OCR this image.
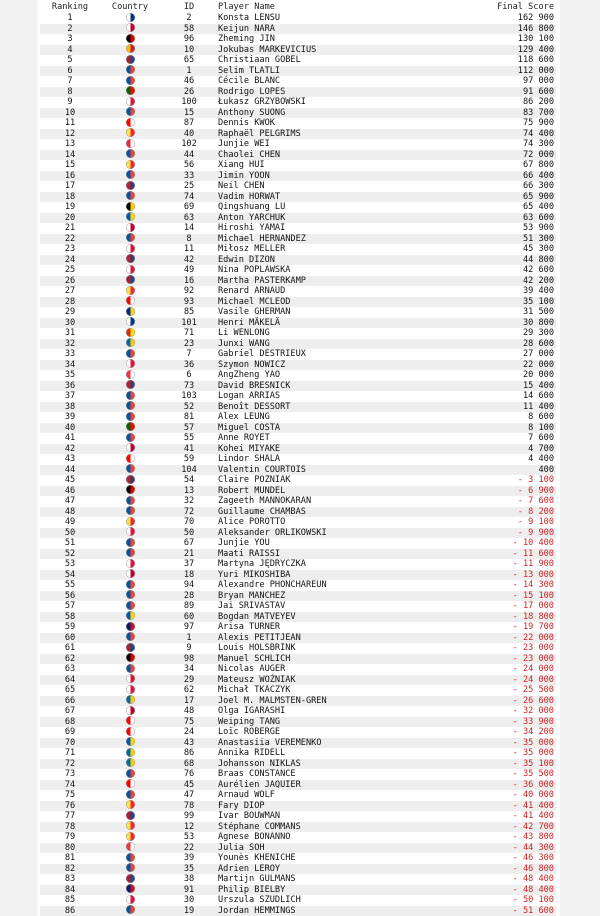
Ranking	Country	ID	Player Name	Final Score
1	2	Konsta LENSU	162 900
2	58	Keijun NARA	146 800
3	96	Zheming JIN	130 100
4	10	Jokubas MARKEVICIUS	129 400
5	65	Christiaan GOBEL	118 600
6	1	Selim TLATLI	112 000
7	46	Cécile BLANC	97 000
8	26	Rodrigo LOPES	91 600
9	100	Łukasz GRZYBOWSKI	86 200
10	15	Anthony SUONG	83 700
11	87	Dennis KWOK	75 900
12	40	Raphaël PELGRIMS	74 400
13	102	Junjie WEI	74 300
14	44	Chaolei CHEN	72 000
15	56	Xiang HUI	67 800
16	33	Jimin YOON	66 400
17	25	Neil CHEN	66 300
18	74	Vadim HORWAT	65 900
19	69	Qingshuang LU	65 400
20	63	Anton YARCHUK	63 600
21	14	Hiroshi YAMAI	53 900
22	8	Michael HERNANDEZ	51 300
23	11	Miłosz MELLER	45 300
24	42	Edwin DIZON	44 800
25	49	Nina POPLAWSKA	42 600
26	16	Martha PASTERKAMP	42 200
27	92	Renard ARNAUD	39 400
28	93	Michael MCLEOD	35 100
29	85	Vasile GHERMAN	31 500
30	101	Henri MÄKELÄ	30 800
31	71	Li WENLONG	29 300
32	23	Junxi WANG	28 600
33	7	Gabriel DESTRIEUX	27 000
34	36	Szymon NOWICZ	22 000
35	6	AngZheng YAO	20 000
36	73	David BRESNICK	15 400
37	103	Logan ARRIAS	14 600
38	52	Benoît DESSORT	11 400
39	81	Alex LEUNG	8 600
40	57	Miguel COSTA	8 100
41	55	Anne ROYET	7 600
42	41	Kohei MIYAKE	4 700
43	59	Lindor SHALA	4 400
44	104	Valentin COURTOIS	400
45	54	Claire POZNIAK	- 3 100
46	13	Robert MUNDEL	- 6 900
47	32	Zageeth MANNOKARAN	- 7 600
48	72	Guillaume CHAMBAS	- 8 200
49	70	Alice POROTTO	- 9 100
50	50	Aleksander ORLIKOWSKI	- 9 900
51	67	Junjie YOU	- 10 400
52	21	Maati RAISSI	- 11 600
53	37	Martyna JĘDRYCZKA	- 11 900
54	18	Yuri MIKOSHIBA	- 13 000
55	94	Alexandre PHONCHAREUN	- 14 300
56	28	Bryan MANCHEZ	- 15 100
57	89	Jai SRIVASTAV	- 17 000
58	60	Bogdan MATVEYEV	- 18 800
59	97	Arisa TURNER	- 19 700
60	1	Alexis PETITJEAN	- 22 000
61	9	Louis HOLSBRINK	- 23 000
62	98	Manuel SCHLICH	- 23 000
63	34	Nicolas AUGER	- 24 000
64	29	Mateusz WOŹNIAK	- 24 000
65	62	Michał TKACZYK	- 25 500
66	17	Joel M. MALMSTEN-GREN	- 26 600
67	48	Olga IGARASHI	- 32 000
68	75	Weiping TANG	- 33 900
69	24	Loïc ROBERGE	- 34 200
70	43	Anastasiia VEREMENKO	- 35 000
71	86	Annika RIDELL	- 35 000
72	68	Johansson NIKLAS	- 35 100
73	76	Braas CONSTANCE	- 35 500
74	45	Aurélien JAQUIER	- 36 000
75	47	Arnaud WOLF	- 40 000
76	78	Fary DIOP	- 41 400
77	99	Ivar BOUWMAN	- 41 400
78	12	Stéphane COMMANS	- 42 700
79	53	Agnese BONANNO	- 43 800
80	22	Julia SOH	- 44 300
81	39	Younès KHENICHE	- 46 300
82	35	Adrien LEROY	- 46 800
83	38	Martijn GULMANS	- 48 400
84	91	Philip BIELBY	- 48 400
85	30	Urszula SZUDLICH	- 50 100
86	19	Jordan HEMMINGS	- 51 600
